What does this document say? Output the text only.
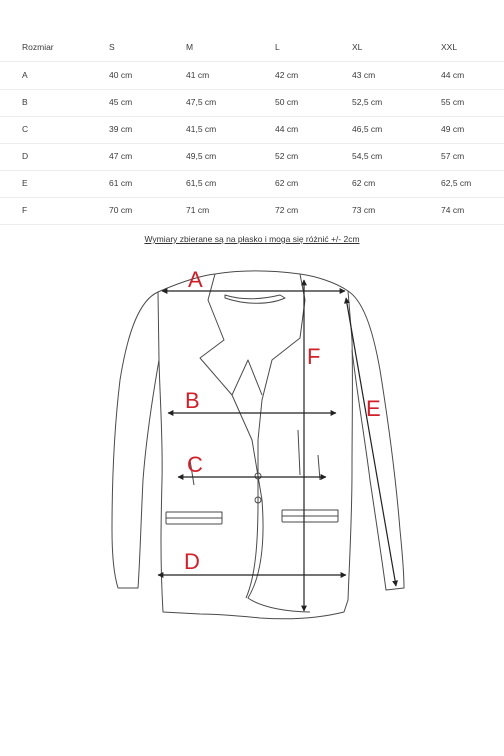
Rozmiar	S	M	L	XL	XXL
A	40 cm	41 cm	42 cm	43 cm	44 cm
B	45 cm	47,5 cm	50 cm	52,5 cm	55 cm
C	39 cm	41,5 cm	44 cm	46,5 cm	49 cm
D	47 cm	49,5 cm	52 cm	54,5 cm	57 cm
E	61 cm	61,5 cm	62 cm	62 cm	62,5 cm
F	70 cm	71 cm	72 cm	73 cm	74 cm
Wymiary zbierane są na płasko i moga się różnić +/- 2cm
A
B
C
D
E
F
